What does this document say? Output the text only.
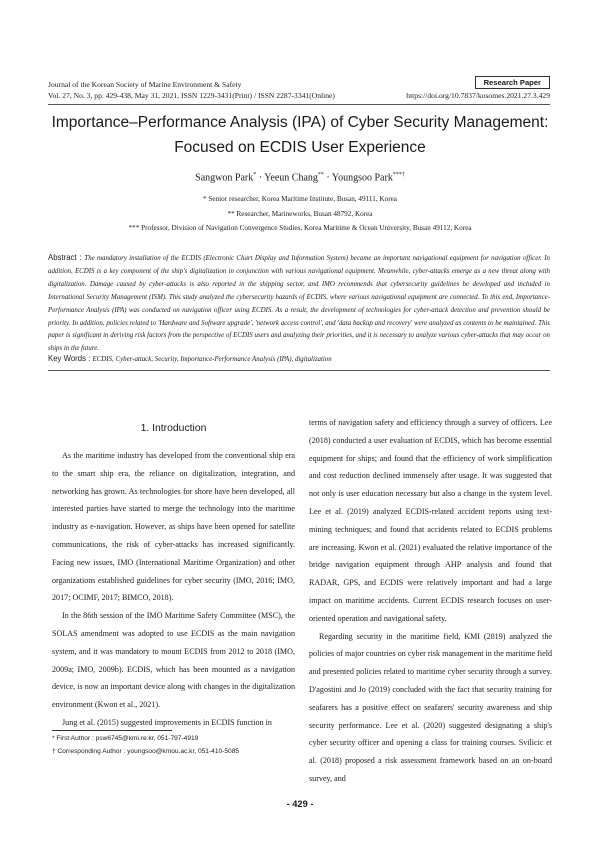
Journal of the Korean Society of Marine Environment & Safety
Vol. 27, No. 3, pp. 429-438, May 31, 2021, ISSN 1229-3431(Print) / ISSN 2287-3341(Online)
Research Paper
https://doi.org/10.7837/kosomes.2021.27.3.429
Importance–Performance Analysis (IPA) of Cyber Security Management:
Focused on ECDIS User Experience
Sangwon Park* · Yeeun Chang** · Youngsoo Park***†
* Senior researcher, Korea Maritime Institute, Busan, 49111, Korea
** Researcher, Marineworks, Busan 48792, Korea
*** Professor, Division of Navigation Convergence Studies, Korea Maritime & Ocean University, Busan 49112, Korea
Abstract : The mandatory installation of the ECDIS (Electronic Chart Display and Information System) became an important navigational equipment for navigation officer. In addition, ECDIS is a key component of the ship's digitalization in conjunction with various navigational equipment. Meanwhile, cyber-attacks emerge as a new threat along with digitalization. Damage caused by cyber-attacks is also reported in the shipping sector, and IMO recommends that cybersecurity guidelines be developed and included in International Security Management (ISM). This study analyzed the cybersecurity hazards of ECDIS, where various navigational equipment are connected. To this end, Importance-Performance Analysis (IPA) was conducted on navigation officer using ECDIS. As a result, the development of technologies for cyber-attack detection and prevention should be priority. In addition, policies related to 'Hardware and Software upgrade', 'network access control', and 'data backup and recovery' were analyzed as contents to be maintained. This paper is significant in deriving risk factors from the perspective of ECDIS users and analyzing their priorities, and it is necessary to analyze various cyber-attacks that may occur on ships in the future.
Key Words : ECDIS, Cyber-attack, Security, Importance-Performance Analysis (IPA), digitalization
1. Introduction

As the maritime industry has developed from the conventional ship era to the smart ship era, the reliance on digitalization, integration, and networking has grown. As technologies for shore have been developed, all interested parties have started to merge the technology into the maritime industry as e-navigation. However, as ships have been opened for satellite communications, the risk of cyber-attacks has increased significantly. Facing new issues, IMO (International Maritime Organization) and other organizations established guidelines for cyber security (IMO, 2016; IMO, 2017; OCIMF, 2017; BIMCO, 2018).

In the 86th session of the IMO Maritime Safety Committee (MSC), the SOLAS amendment was adopted to use ECDIS as the main navigation system, and it was mandatory to mount ECDIS from 2012 to 2018 (IMO, 2009a; IMO, 2009b). ECDIS, which has been mounted as a navigation device, is now an important device along with changes in the digitalization environment (Kwon et al., 2021).

Jung et al. (2015) suggested improvements in ECDIS function in

terms of navigation safety and efficiency through a survey of officers. Lee (2018) conducted a user evaluation of ECDIS, which has become essential equipment for ships; and found that the efficiency of work simplification and cost reduction declined immensely after usage. It was suggested that not only is user education necessary but also a change in the system level. Lee et al. (2019) analyzed ECDIS-related accident reports using text-mining techniques; and found that accidents related to ECDIS problems are increasing. Kwon et al. (2021) evaluated the relative importance of the bridge navigation equipment through AHP analysis and found that RADAR, GPS, and ECDIS were relatively important and had a large impact on maritime accidents. Current ECDIS research focuses on user-oriented operation and navigational safety.

Regarding security in the maritime field, KMI (2019) analyzed the policies of major countries on cyber risk management in the maritime field and presented policies related to maritime cyber security through a survey. D'agostini and Jo (2019) concluded with the fact that security training for seafarers has a positive effect on seafarers' security awareness and ship security performance. Lee et al. (2020) suggested designating a ship's cyber security officer and opening a class for training courses. Svilicic et al. (2018) proposed a risk assessment framework based on an on-board survey, and

* First Author : psw6745@kmi.re.kr, 051-797-4919
† Corresponding Author : youngsoo@kmou.ac.kr, 051-410-5085
- 429 -
